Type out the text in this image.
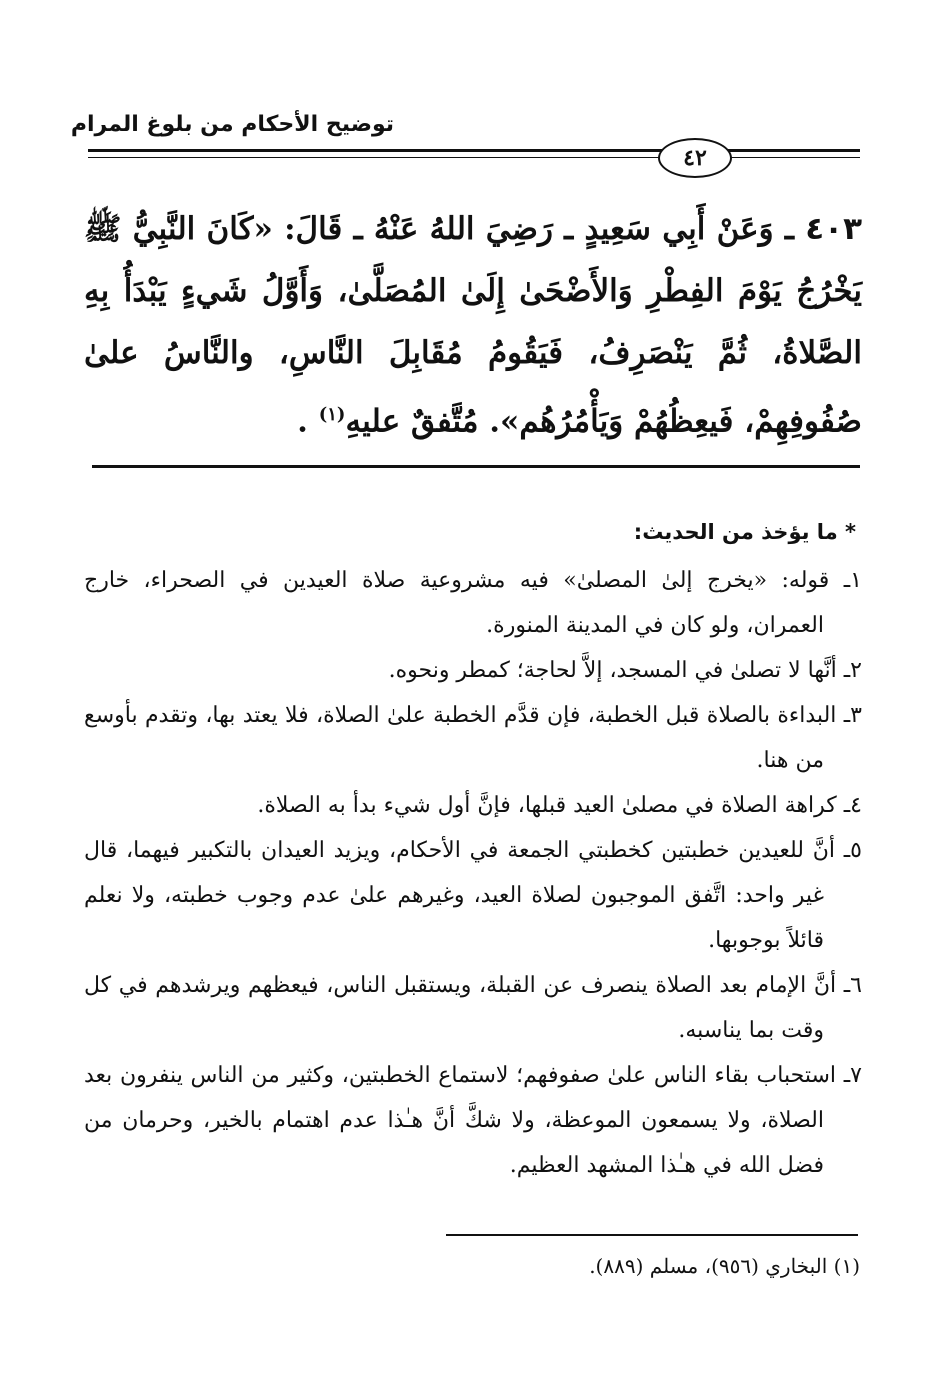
توضيح الأحكام من بلوغ المرام
٤٢
٤٠٣ ـ وَعَنْ أَبِي سَعِيدٍ ـ رَضِيَ اللهُ عَنْهُ ـ قَالَ: «كَانَ النَّبِيُّ ﷺ يَخْرُجُ يَوْمَ الفِطْرِ وَالأَضْحَىٰ إِلَىٰ المُصَلَّىٰ، وَأَوَّلُ شَيءٍ يَبْدَأُ بِهِ الصَّلاةُ، ثُمَّ يَنْصَرِفُ، فَيَقُومُ مُقَابِلَ النَّاسِ، والنَّاسُ علىٰ صُفُوفِهِمْ، فَيعِظُهُمْ وَيَأْمُرُهُم». مُتَّفقٌ عليهِ$^{(١)}$ .
* ما يؤخذ من الحديث:
١ـ قوله: «يخرج إلىٰ المصلىٰ» فيه مشروعية صلاة العيدين في الصحراء، خارج العمران، ولو كان في المدينة المنورة.
٢ـ أنَّها لا تصلىٰ في المسجد، إلاَّ لحاجة؛ كمطر ونحوه.
٣ـ البداءة بالصلاة قبل الخطبة، فإن قدَّم الخطبة علىٰ الصلاة، فلا يعتد بها، وتقدم بأوسع من هنا.
٤ـ كراهة الصلاة في مصلىٰ العيد قبلها، فإنَّ أول شيء بدأ به الصلاة.
٥ـ أنَّ للعيدين خطبتين كخطبتي الجمعة في الأحكام، ويزيد العيدان بالتكبير فيهما، قال غير واحد: اتَّفق الموجبون لصلاة العيد، وغيرهم علىٰ عدم وجوب خطبته، ولا نعلم قائلاً بوجوبها.
٦ـ أنَّ الإمام بعد الصلاة ينصرف عن القبلة، ويستقبل الناس، فيعظهم ويرشدهم في كل وقت بما يناسبه.
٧ـ استحباب بقاء الناس علىٰ صفوفهم؛ لاستماع الخطبتين، وكثير من الناس ينفرون بعد الصلاة، ولا يسمعون الموعظة، ولا شكَّ أنَّ هـٰذا عدم اهتمام بالخير، وحرمان من فضل الله في هـٰذا المشهد العظيم.
(١) البخاري (٩٥٦)، مسلم (٨٨٩).
